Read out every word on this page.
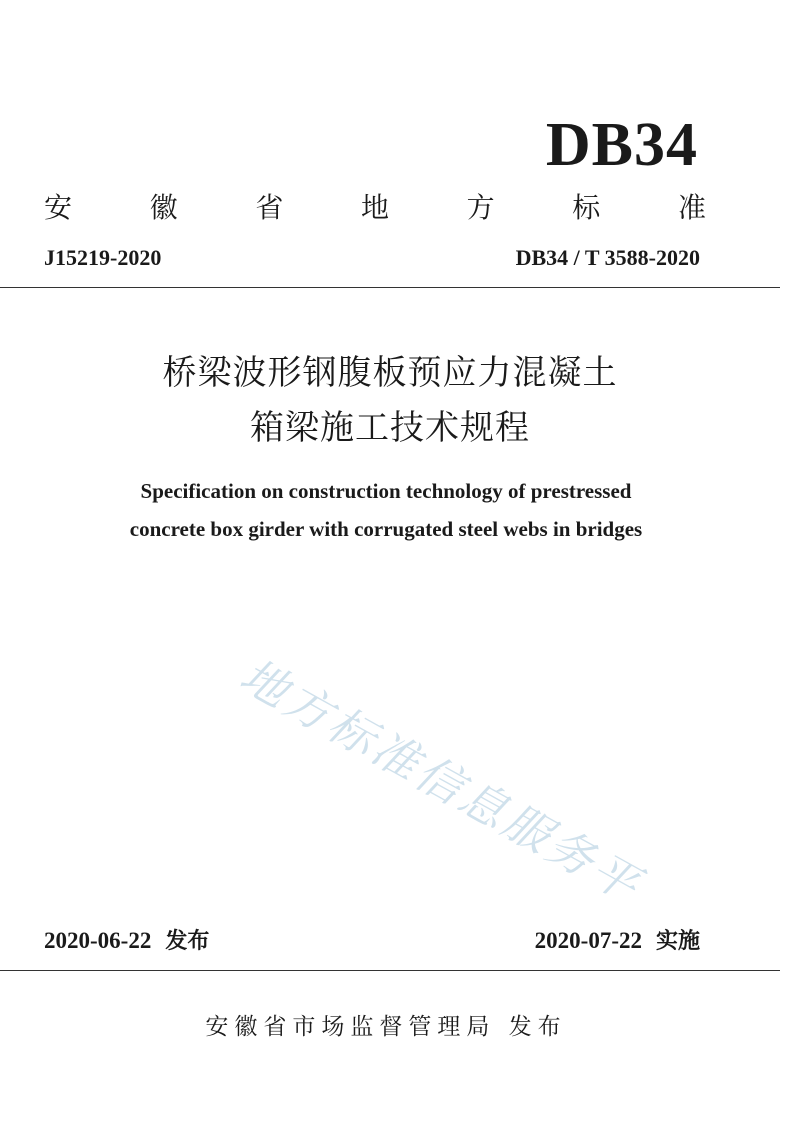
DB34
安	徽	省	地	方	标	准
J15219-2020	DB34 / T 3588-2020
桥梁波形钢腹板预应力混凝土
箱梁施工技术规程
Specification on construction technology of prestressed
concrete box girder with corrugated steel webs in bridges
地方标准信息服务平
2020-06-22 发布	2020-07-22 实施
安徽省市场监督管理局 发布
